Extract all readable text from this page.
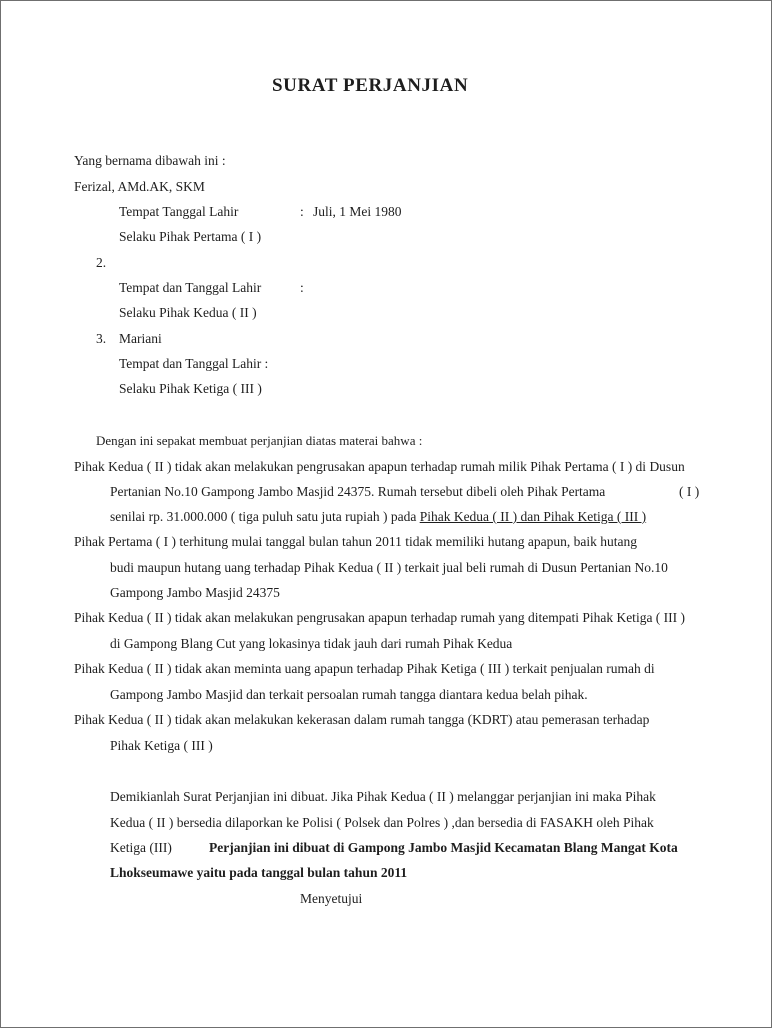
SURAT PERJANJIAN
Yang bernama dibawah ini :
Ferizal, AMd.AK, SKM
Tempat Tanggal Lahir	: Juli, 1 Mei 1980
Selaku Pihak Pertama ( I )
2.
Tempat dan Tanggal Lahir	:
Selaku Pihak Kedua ( II )
3. Mariani
Tempat dan Tanggal Lahir :
Selaku Pihak Ketiga ( III )
Dengan ini sepakat membuat perjanjian diatas materai bahwa :
Pihak Kedua ( II ) tidak akan melakukan pengrusakan apapun terhadap rumah milik Pihak Pertama ( I ) di Dusun
Pertanian No.10 Gampong Jambo Masjid 24375. Rumah tersebut dibeli oleh Pihak Pertama	( I )
senilai rp. 31.000.000 ( tiga puluh satu juta rupiah ) pada Pihak Kedua ( II ) dan Pihak Ketiga ( III )
Pihak Pertama ( I ) terhitung mulai tanggal bulan tahun 2011 tidak memiliki hutang apapun, baik hutang
budi maupun hutang uang terhadap Pihak Kedua ( II ) terkait jual beli rumah di Dusun Pertanian No.10
Gampong Jambo Masjid 24375
Pihak Kedua ( II ) tidak akan melakukan pengrusakan apapun terhadap rumah yang ditempati Pihak Ketiga ( III )
di Gampong Blang Cut yang lokasinya tidak jauh dari rumah Pihak Kedua
Pihak Kedua ( II ) tidak akan meminta uang apapun terhadap Pihak Ketiga ( III ) terkait penjualan rumah di
Gampong Jambo Masjid dan terkait persoalan rumah tangga diantara kedua belah pihak.
Pihak Kedua ( II ) tidak akan melakukan kekerasan dalam rumah tangga (KDRT) atau pemerasan terhadap
Pihak Ketiga ( III )
Demikianlah Surat Perjanjian ini dibuat. Jika Pihak Kedua ( II ) melanggar perjanjian ini maka Pihak
Kedua ( II ) bersedia dilaporkan ke Polisi ( Polsek dan Polres ) ,dan bersedia di FASAKH oleh Pihak
Ketiga (III)	Perjanjian ini dibuat di Gampong Jambo Masjid Kecamatan Blang Mangat Kota
Lhokseumawe yaitu pada tanggal bulan tahun 2011
Menyetujui
